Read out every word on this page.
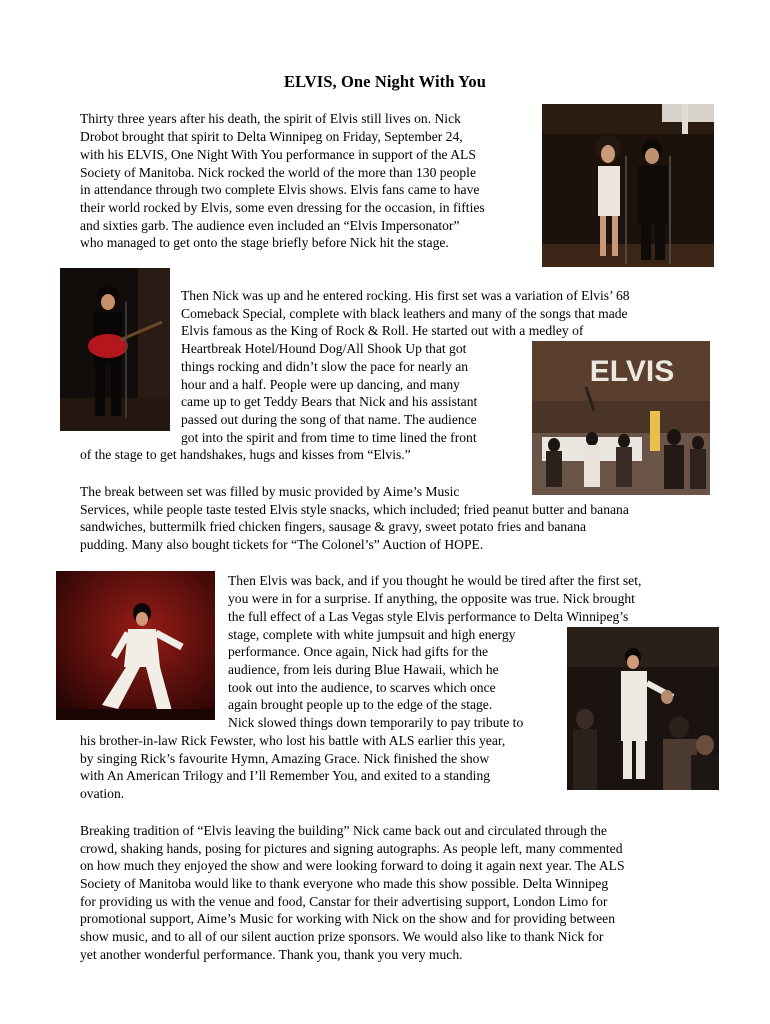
ELVIS, One Night With You
Thirty three years after his death, the spirit of Elvis still lives on. Nick
Drobot brought that spirit to Delta Winnipeg on Friday, September 24,
with his ELVIS, One Night With You performance in support of the ALS
Society of Manitoba. Nick rocked the world of the more than 130 people
in attendance through two complete Elvis shows. Elvis fans came to have
their world rocked by Elvis, some even dressing for the occasion, in fifties
and sixties garb. The audience even included an “Elvis Impersonator”
who managed to get onto the stage briefly before Nick hit the stage.
Then Nick was up and he entered rocking. His first set was a variation of Elvis’ 68
Comeback Special, complete with black leathers and many of the songs that made
Elvis famous as the King of Rock & Roll. He started out with a medley of
Heartbreak Hotel/Hound Dog/All Shook Up that got
things rocking and didn’t slow the pace for nearly an
hour and a half. People were up dancing, and many
came up to get Teddy Bears that Nick and his assistant
passed out during the song of that name. The audience
got into the spirit and from time to time lined the front
of the stage to get handshakes, hugs and kisses from “Elvis.”
The break between set was filled by music provided by Aime’s Music
Services, while people taste tested Elvis style snacks, which included; fried peanut butter and banana
sandwiches, buttermilk fried chicken fingers, sausage & gravy, sweet potato fries and banana
pudding. Many also bought tickets for “The Colonel’s” Auction of HOPE.
Then Elvis was back, and if you thought he would be tired after the first set,
you were in for a surprise. If anything, the opposite was true. Nick brought
the full effect of a Las Vegas style Elvis performance to Delta Winnipeg’s
stage, complete with white jumpsuit and high energy
performance. Once again, Nick had gifts for the
audience, from leis during Blue Hawaii, which he
took out into the audience, to scarves which once
again brought people up to the edge of the stage.
Nick slowed things down temporarily to pay tribute to
his brother-in-law Rick Fewster, who lost his battle with ALS earlier this year,
by singing Rick’s favourite Hymn, Amazing Grace. Nick finished the show
with An American Trilogy and I’ll Remember You, and exited to a standing
ovation.
Breaking tradition of “Elvis leaving the building” Nick came back out and circulated through the
crowd, shaking hands, posing for pictures and signing autographs. As people left, many commented
on how much they enjoyed the show and were looking forward to doing it again next year. The ALS
Society of Manitoba would like to thank everyone who made this show possible. Delta Winnipeg
for providing us with the venue and food, Canstar for their advertising support, London Limo for
promotional support, Aime’s Music for working with Nick on the show and for providing between
show music, and to all of our silent auction prize sponsors. We would also like to thank Nick for
yet another wonderful performance. Thank you, thank you very much.
ELVIS
